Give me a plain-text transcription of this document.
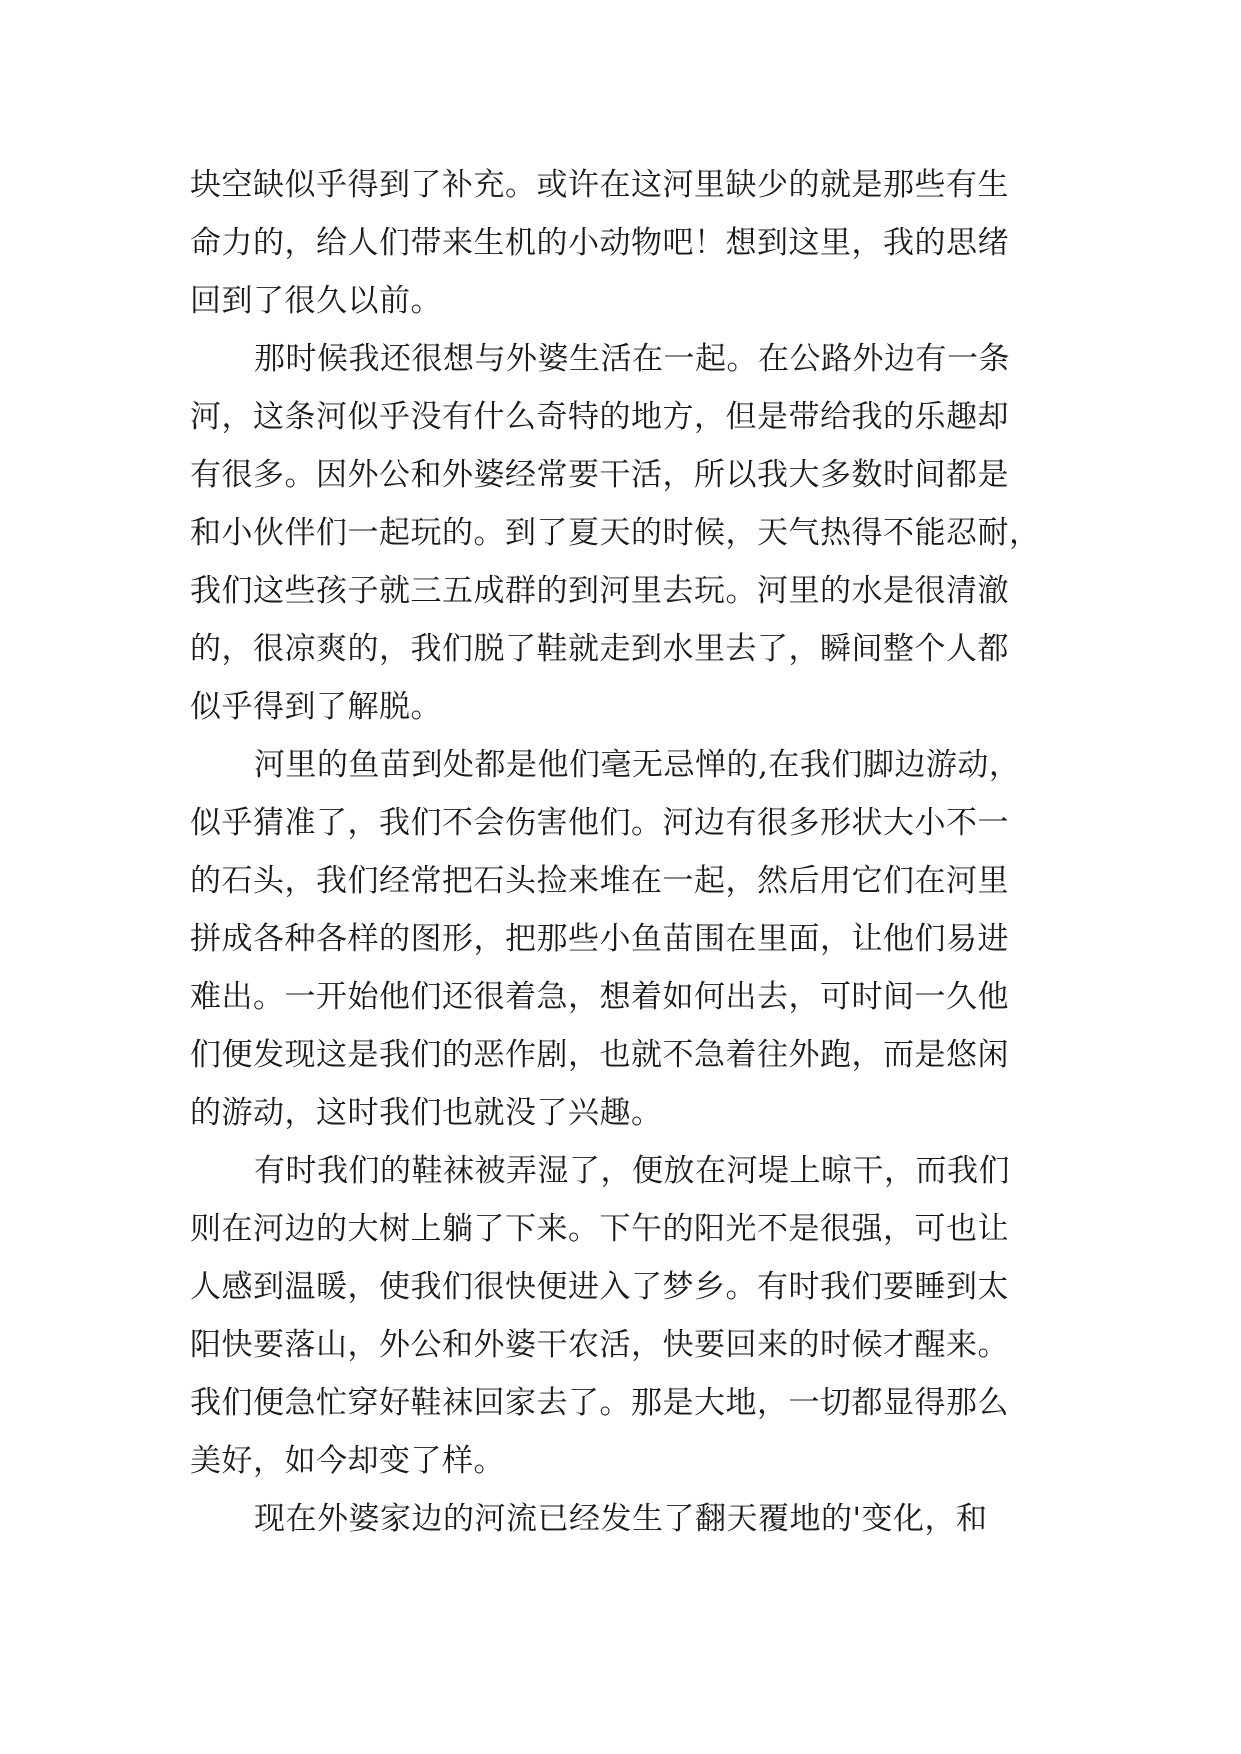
块空缺似乎得到了补充。或许在这河里缺少的就是那些有生
命力的，给人们带来生机的小动物吧！想到这里，我的思绪
回到了很久以前。
那时候我还很想与外婆生活在一起。在公路外边有一条
河，这条河似乎没有什么奇特的地方，但是带给我的乐趣却
有很多。因外公和外婆经常要干活，所以我大多数时间都是
和小伙伴们一起玩的。到了夏天的时候，天气热得不能忍耐，
我们这些孩子就三五成群的到河里去玩。河里的水是很清澈
的，很凉爽的，我们脱了鞋就走到水里去了，瞬间整个人都
似乎得到了解脱。
河里的鱼苗到处都是他们毫无忌惮的,在我们脚边游动，
似乎猜准了，我们不会伤害他们。河边有很多形状大小不一
的石头，我们经常把石头捡来堆在一起，然后用它们在河里
拼成各种各样的图形，把那些小鱼苗围在里面，让他们易进
难出。一开始他们还很着急，想着如何出去，可时间一久他
们便发现这是我们的恶作剧，也就不急着往外跑，而是悠闲
的游动，这时我们也就没了兴趣。
有时我们的鞋袜被弄湿了，便放在河堤上晾干，而我们
则在河边的大树上躺了下来。下午的阳光不是很强，可也让
人感到温暖，使我们很快便进入了梦乡。有时我们要睡到太
阳快要落山，外公和外婆干农活，快要回来的时候才醒来。
我们便急忙穿好鞋袜回家去了。那是大地，一切都显得那么
美好，如今却变了样。
现在外婆家边的河流已经发生了翻天覆地的'变化，和
